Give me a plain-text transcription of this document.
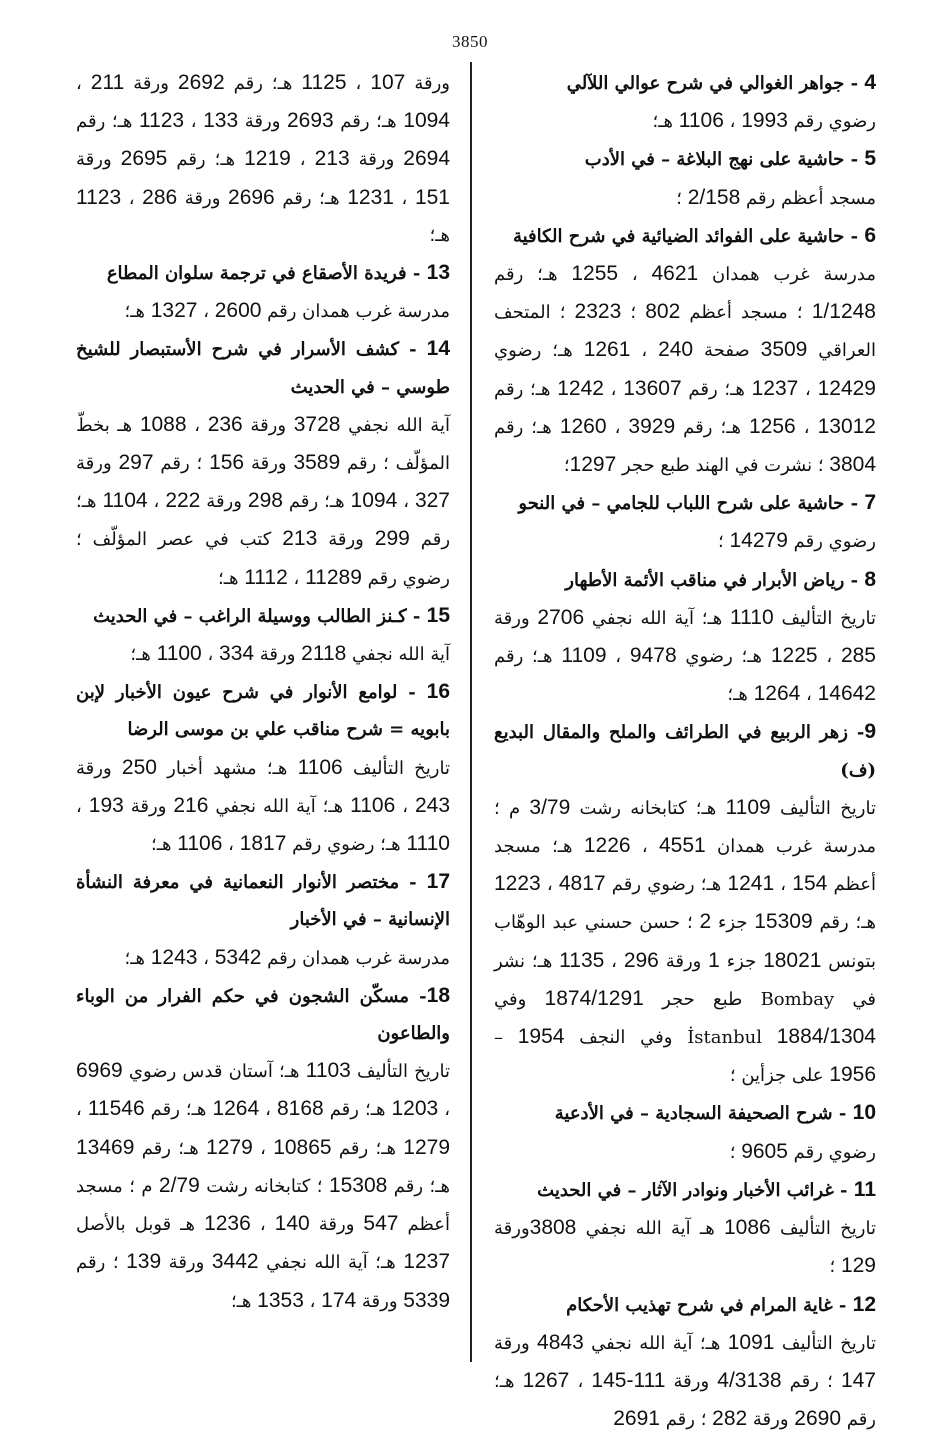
3850
4 - جواهر الغوالي في شرح عوالي اللآلي
رضوي رقم 1993 ، 1106 هـ؛
5 - حاشية على نهج البلاغة – في الأدب
مسجد أعظم رقم 2/158 ؛
6 - حاشية على الفوائد الضيائية في شرح الكافية
مدرسة غرب همدان 4621 ، 1255 هـ؛ رقم 1/1248 ؛ مسجد أعظم 802 ؛ 2323 ؛ المتحف العراقي 3509 صفحة 240 ، 1261 هـ؛ رضوي 12429 ، 1237 هـ؛ رقم 13607 ، 1242 هـ؛ رقم 13012 ، 1256 هـ؛ رقم 3929 ، 1260 هـ؛ رقم 3804 ؛ نشرت في الهند طبع حجر 1297؛
7 - حاشية على شرح اللباب للجامي – في النحو
رضوي رقم 14279 ؛
8 - رياض الأبرار في مناقب الأئمة الأطهار
تاريخ التأليف 1110 هـ؛ آية الله نجفي 2706 ورقة 285 ، 1225 هـ؛ رضوي 9478 ، 1109 هـ؛ رقم 14642 ، 1264 هـ؛
9- زهر الربيع في الطرائف والملح والمقال البديع (ف)
تاريخ التأليف 1109 هـ؛ كتابخانه رشت 3/79 م ؛ مدرسة غرب همدان 4551 ، 1226 هـ؛ مسجد أعظم 154 ، 1241 هـ؛ رضوي رقم 4817 ، 1223 هـ؛ رقم 15309 جزء 2 ؛ حسن حسني عبد الوهّاب بتونس 18021 جزء 1 ورقة 296 ، 1135 هـ؛ نشر في Bombay طبع حجر 1874/1291 وفي İstanbul 1884/1304 وفي النجف 1954 – 1956 على جزأين ؛
10 - شرح الصحيفة السجادية – في الأدعية
رضوي رقم 9605 ؛
11 - غرائب الأخبار ونوادر الآثار – في الحديث
تاريخ التأليف 1086 هـ آية الله نجفي 3808ورقة 129 ؛
12 - غاية المرام في شرح تهذيب الأحكام
تاريخ التأليف 1091 هـ؛ آية الله نجفي 4843 ورقة 147 ؛ رقم 4/3138 ورقة 111-145 ، 1267 هـ؛ رقم 2690 ورقة 282 ؛ رقم 2691
ورقة 107 ، 1125 هـ؛ رقم 2692 ورقة 211 ، 1094 هـ؛ رقم 2693 ورقة 133 ، 1123 هـ؛ رقم 2694 ورقة 213 ، 1219 هـ؛ رقم 2695 ورقة 151 ، 1231 هـ؛ رقم 2696 ورقة 286 ، 1123 هـ؛
13 - فريدة الأصقاع في ترجمة سلوان المطاع
مدرسة غرب همدان رقم 2600 ، 1327 هـ؛
14 - كشف الأسرار في شرح الأستبصار للشيخ طوسي – في الحديث
آية الله نجفي 3728 ورقة 236 ، 1088 هـ بخطّ المؤلّف ؛ رقم 3589 ورقة 156 ؛ رقم 297 ورقة 327 ، 1094 هـ؛ رقم 298 ورقة 222 ، 1104 هـ؛ رقم 299 ورقة 213 كتب في عصر المؤلّف ؛ رضوي رقم 11289 ، 1112 هـ؛
15 - كـنز الطالب ووسيلة الراغب – في الحديث
آية الله نجفي 2118 ورقة 334 ، 1100 هـ؛
16 - لوامع الأنوار في شرح عيون الأخبار لإبن بابويه = شرح مناقب علي بن موسى الرضا
تاريخ التأليف 1106 هـ؛ مشهد أخبار 250 ورقة 243 ، 1106 هـ؛ آية الله نجفي 216 ورقة 193 ، 1110 هـ؛ رضوي رقم 1817 ، 1106 هـ؛
17 - مختصر الأنوار النعمانية في معرفة النشأة الإنسانية – في الأخبار
مدرسة غرب همدان رقم 5342 ، 1243 هـ؛
18- مسكّن الشجون في حكم الفرار من الوباء والطاعون
تاريخ التأليف 1103 هـ؛ آستان قدس رضوي 6969 ، 1203 هـ؛ رقم 8168 ، 1264 هـ؛ رقم 11546 ، 1279 هـ؛ رقم 10865 ، 1279 هـ؛ رقم 13469 هـ؛ رقم 15308 ؛ كتابخانه رشت 2/79 م ؛ مسجد أعظم 547 ورقة 140 ، 1236 هـ قوبل بالأصل 1237 هـ؛ آية الله نجفي 3442 ورقة 139 ؛ رقم 5339 ورقة 174 ، 1353 هـ؛
